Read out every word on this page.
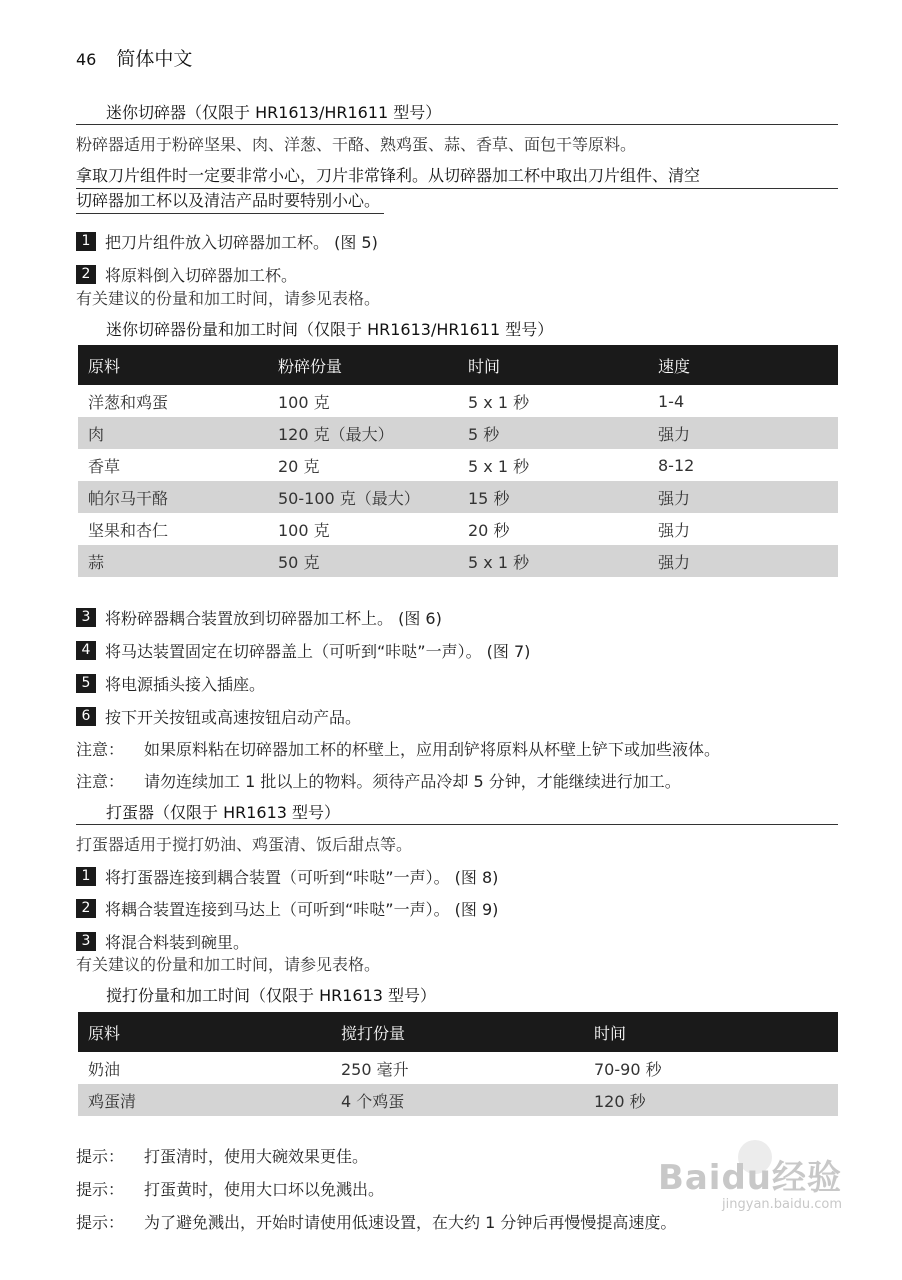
46 简体中文
迷你切碎器（仅限于 HR1613/HR1611 型号）
粉碎器适用于粉碎坚果、肉、洋葱、干酪、熟鸡蛋、蒜、香草、面包干等原料。
拿取刀片组件时一定要非常小心，刀片非常锋利。从切碎器加工杯中取出刀片组件、清空
切碎器加工杯以及清洁产品时要特别小心。
1 把刀片组件放入切碎器加工杯。 (图 5)
2 将原料倒入切碎器加工杯。
有关建议的份量和加工时间，请参见表格。
迷你切碎器份量和加工时间（仅限于 HR1613/HR1611 型号）
原料	粉碎份量	时间	速度
洋葱和鸡蛋	100 克	5 x 1 秒	1-4
肉	120 克（最大）	5 秒	强力
香草	20 克	5 x 1 秒	8-12
帕尔马干酪	50-100 克（最大）	15 秒	强力
坚果和杏仁	100 克	20 秒	强力
蒜	50 克	5 x 1 秒	强力
3 将粉碎器耦合装置放到切碎器加工杯上。 (图 6)
4 将马达装置固定在切碎器盖上（可听到“咔哒”一声）。 (图 7)
5 将电源插头接入插座。
6 按下开关按钮或高速按钮启动产品。
注意： 如果原料粘在切碎器加工杯的杯壁上，应用刮铲将原料从杯壁上铲下或加些液体。
注意： 请勿连续加工 1 批以上的物料。须待产品冷却 5 分钟，才能继续进行加工。
打蛋器（仅限于 HR1613 型号）
打蛋器适用于搅打奶油、鸡蛋清、饭后甜点等。
1 将打蛋器连接到耦合装置（可听到“咔哒”一声）。 (图 8)
2 将耦合装置连接到马达上（可听到“咔哒”一声）。 (图 9)
3 将混合料装到碗里。
有关建议的份量和加工时间，请参见表格。
搅打份量和加工时间（仅限于 HR1613 型号）
原料	搅打份量	时间
奶油	250 毫升	70-90 秒
鸡蛋清	4 个鸡蛋	120 秒
提示： 打蛋清时，使用大碗效果更佳。
提示： 打蛋黄时，使用大口坏以免溅出。
提示： 为了避免溅出，开始时请使用低速设置，在大约 1 分钟后再慢慢提高速度。
Baidu经验
jingyan.baidu.com
